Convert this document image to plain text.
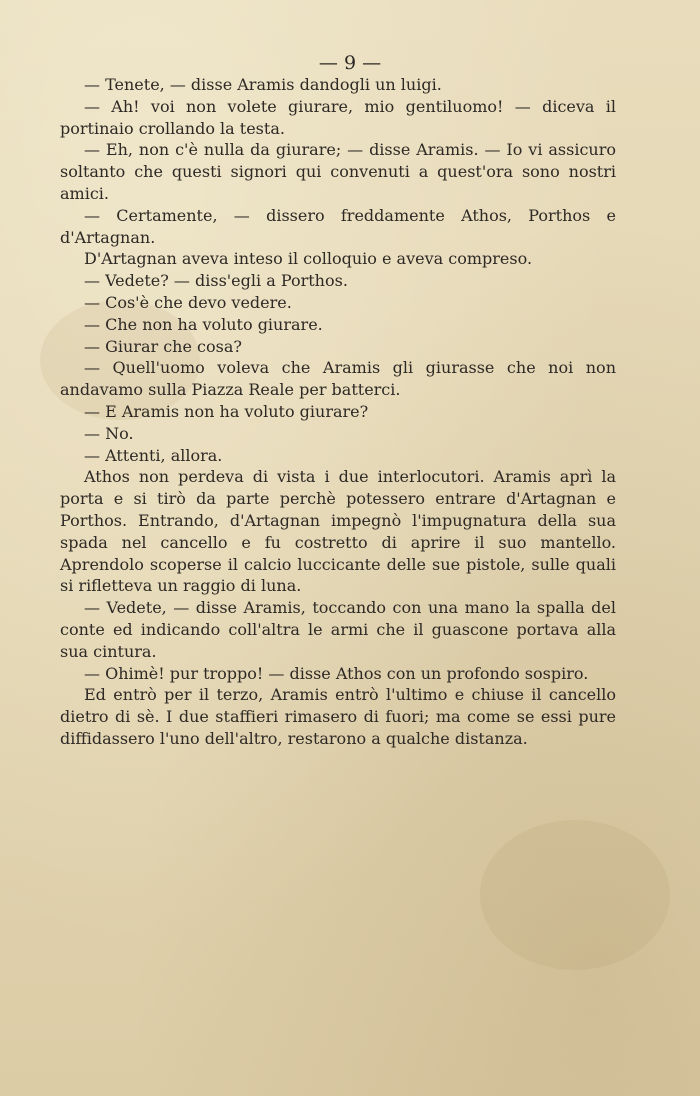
— 9 —

— Tenete, — disse Aramis dandogli un luigi.

— Ah! voi non volete giurare, mio gentiluomo! — diceva il portinaio crollando la testa.

— Eh, non c'è nulla da giurare; — disse Aramis. — Io vi assicuro soltanto che questi signori qui convenuti a quest'ora sono nostri amici.

— Certamente, — dissero freddamente Athos, Porthos e d'Artagnan.

D'Artagnan aveva inteso il colloquio e aveva compreso.

— Vedete? — diss'egli a Porthos.

— Cos'è che devo vedere.

— Che non ha voluto giurare.

— Giurar che cosa?

— Quell'uomo voleva che Aramis gli giurasse che noi non andavamo sulla Piazza Reale per batterci.

— E Aramis non ha voluto giurare?

— No.

— Attenti, allora.

Athos non perdeva di vista i due interlocutori. Aramis aprì la porta e si tirò da parte perchè potessero entrare d'Artagnan e Porthos. Entrando, d'Artagnan impegnò l'impugnatura della sua spada nel cancello e fu costretto di aprire il suo mantello. Aprendolo scoperse il calcio luccicante delle sue pistole, sulle quali si rifletteva un raggio di luna.

— Vedete, — disse Aramis, toccando con una mano la spalla del conte ed indicando coll'altra le armi che il guascone portava alla sua cintura.

— Ohimè! pur troppo! — disse Athos con un profondo sospiro.

Ed entrò per il terzo, Aramis entrò l'ultimo e chiuse il cancello dietro di sè. I due staffieri rimasero di fuori; ma come se essi pure diffidassero l'uno dell'altro, restarono a qualche distanza.
